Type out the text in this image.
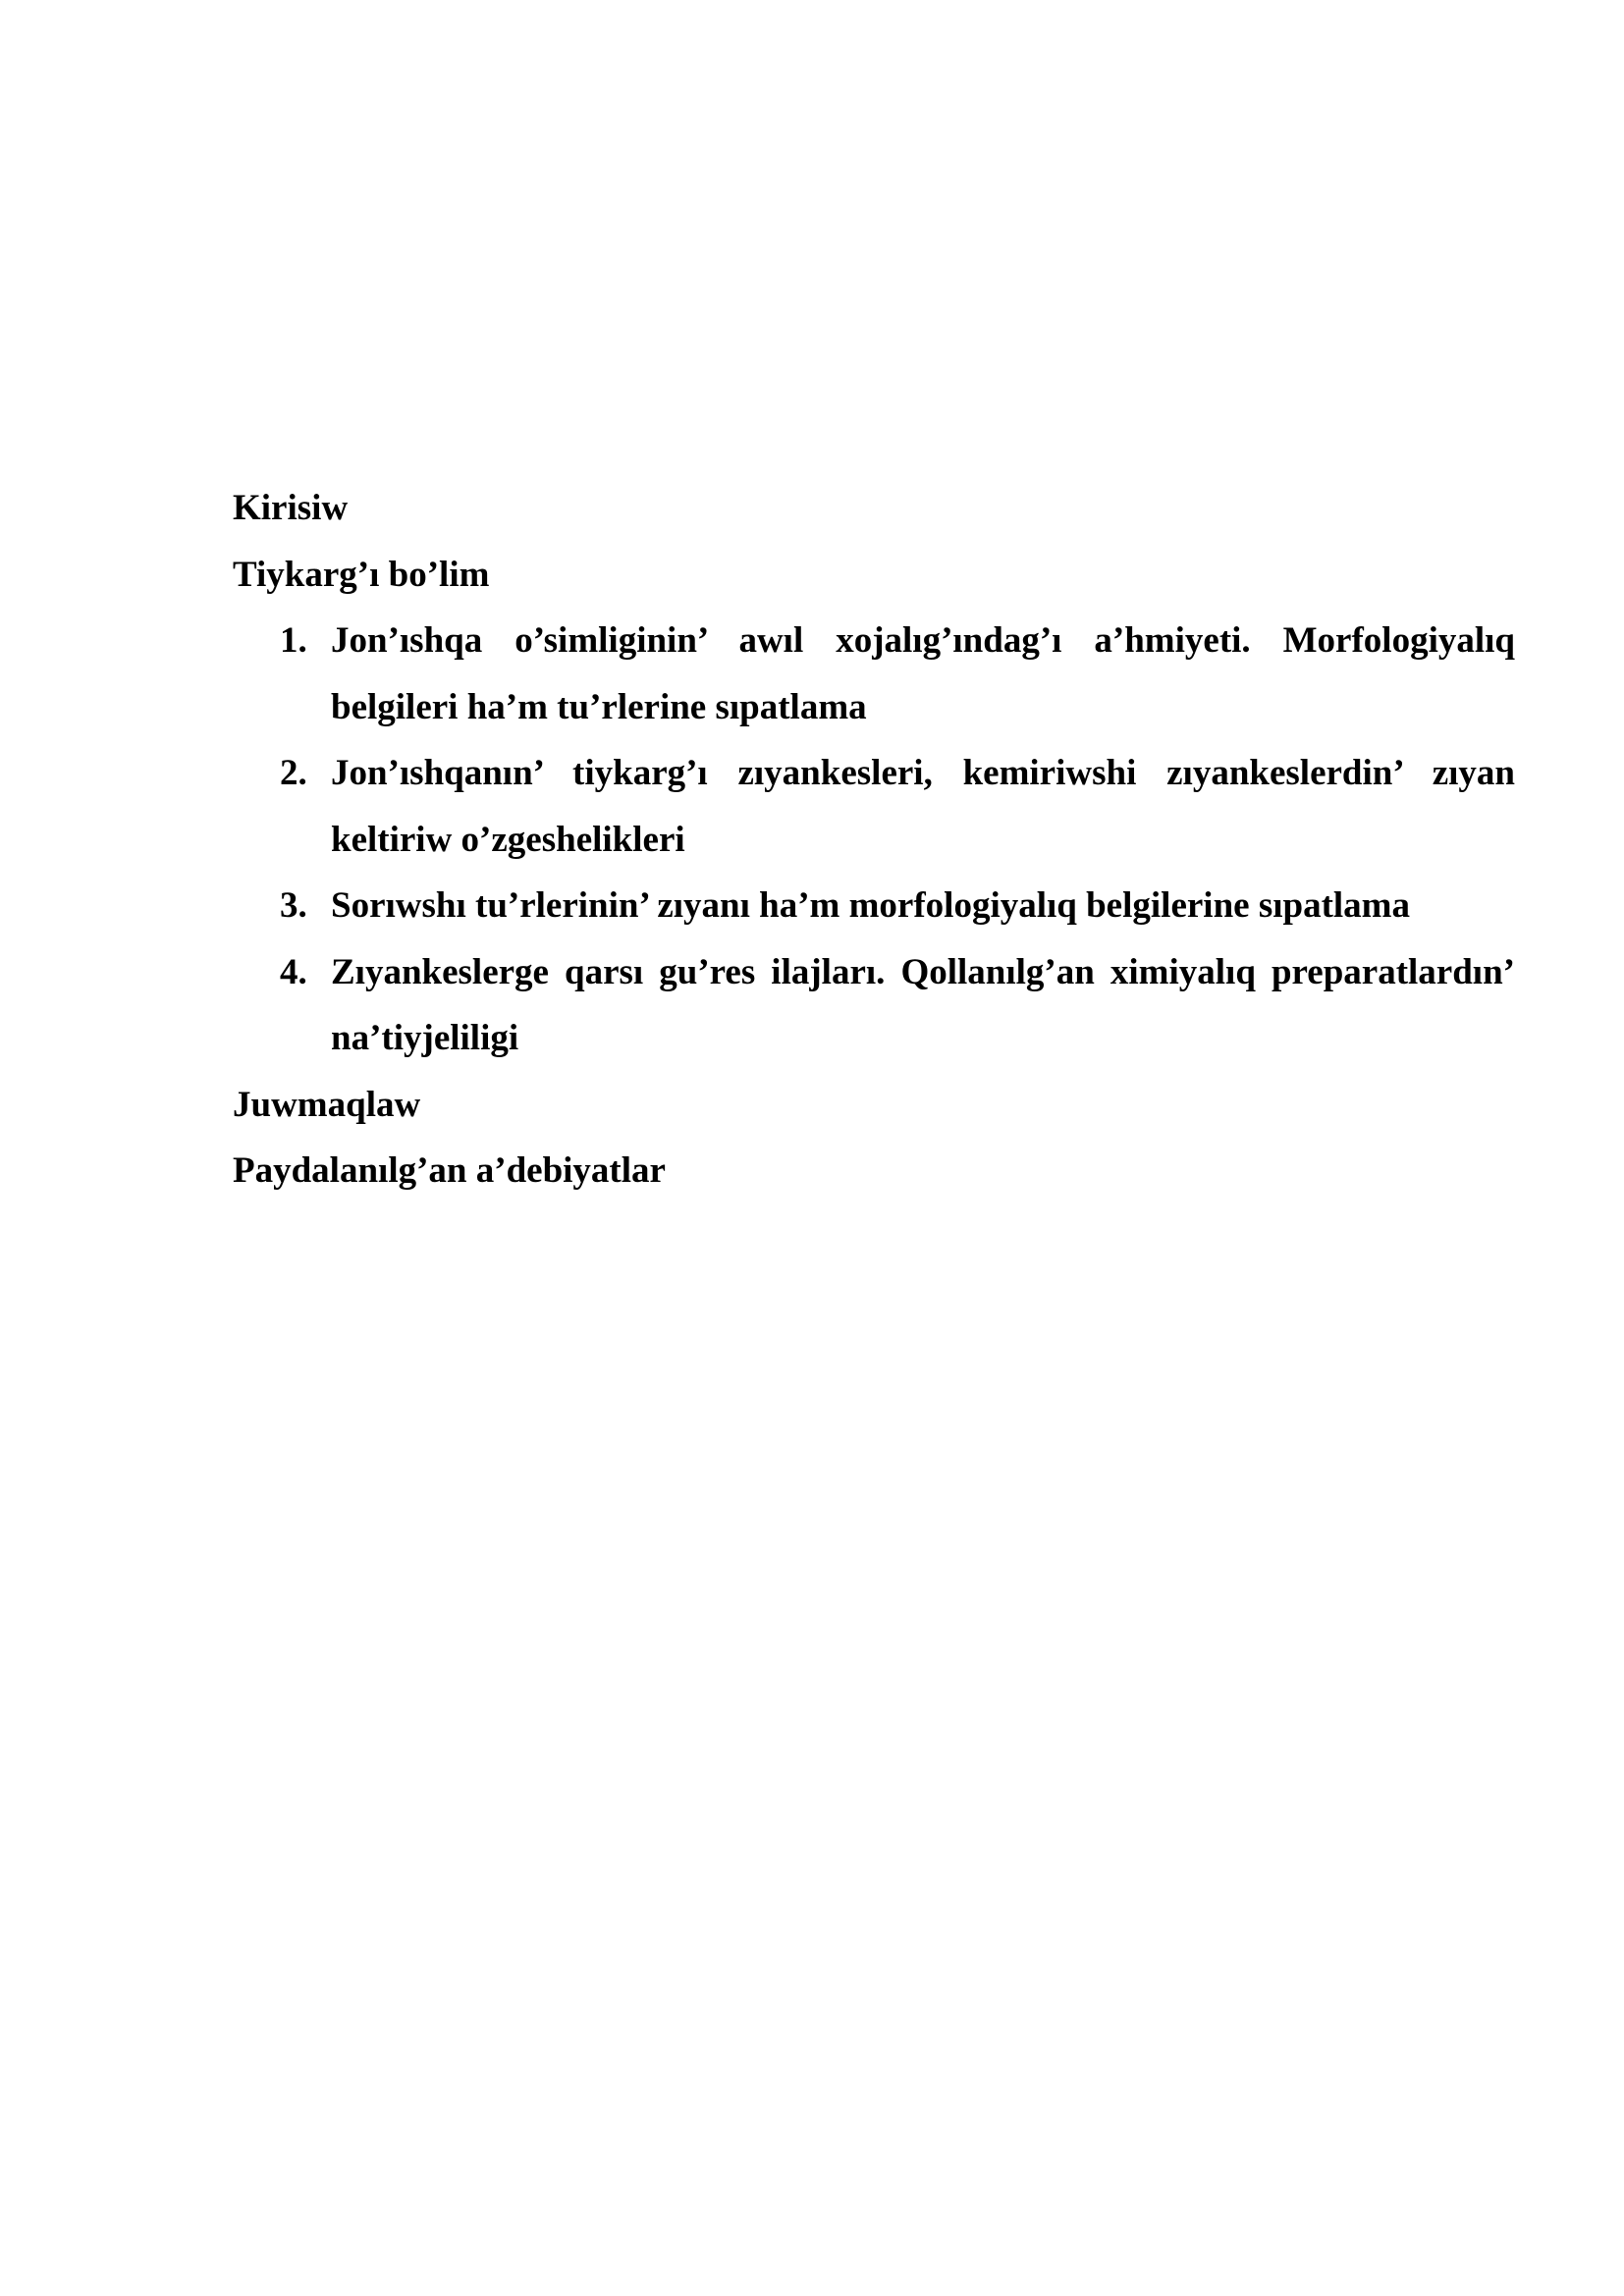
Kirisiw

Tiykarg’ı bo’lim

1. Jon’ıshqa o’simliginin’ awıl xojalıg’ındag’ı a’hmiyeti. Morfologiyalıq belgileri ha’m tu’rlerine sıpatlama
2. Jon’ıshqanın’ tiykarg’ı zıyankesleri, kemiriwshi zıyankeslerdin’ zıyan keltiriw o’zgeshelikleri
3. Sorıwshı tu’rlerinin’ zıyanı ha’m morfologiyalıq belgilerine sıpatlama
4. Zıyankeslerge qarsı gu’res ilajları. Qollanılg’an ximiyalıq preparatlardın’ na’tiyjeliligi

Juwmaqlaw

Paydalanılg’an a’debiyatlar
